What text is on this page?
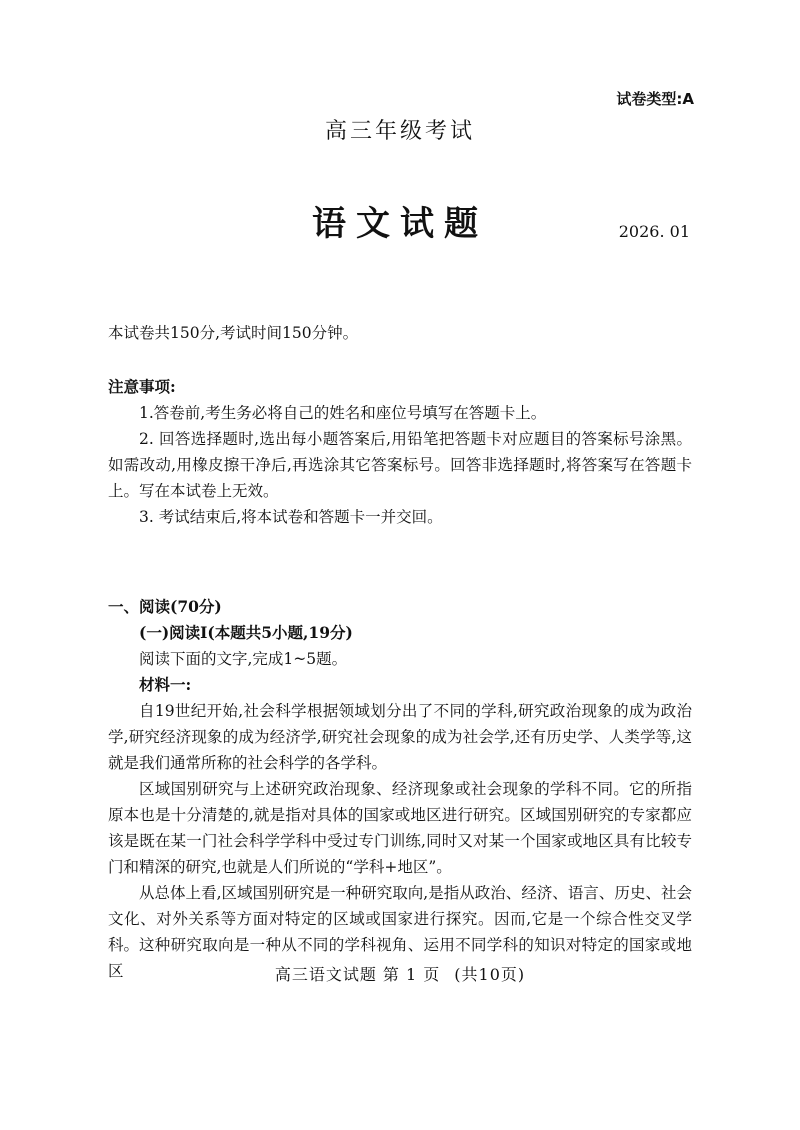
试卷类型:A
高三年级考试
语文试题	2026. 01
本试卷共150分,考试时间150分钟。
注意事项:
1.答卷前,考生务必将自己的姓名和座位号填写在答题卡上。
2. 回答选择题时,选出每小题答案后,用铅笔把答题卡对应题目的答案标号涂黑。如需改动,用橡皮擦干净后,再选涂其它答案标号。回答非选择题时,将答案写在答题卡上。写在本试卷上无效。
3. 考试结束后,将本试卷和答题卡一并交回。
一、阅读(70分)
(一)阅读Ⅰ(本题共5小题,19分)
阅读下面的文字,完成1~5题。
材料一:
自19世纪开始,社会科学根据领域划分出了不同的学科,研究政治现象的成为政治学,研究经济现象的成为经济学,研究社会现象的成为社会学,还有历史学、人类学等,这就是我们通常所称的社会科学的各学科。
区域国别研究与上述研究政治现象、经济现象或社会现象的学科不同。它的所指原本也是十分清楚的,就是指对具体的国家或地区进行研究。区域国别研究的专家都应该是既在某一门社会科学学科中受过专门训练,同时又对某一个国家或地区具有比较专门和精深的研究,也就是人们所说的“学科+地区”。
从总体上看,区域国别研究是一种研究取向,是指从政治、经济、语言、历史、社会文化、对外关系等方面对特定的区域或国家进行探究。因而,它是一个综合性交叉学科。 这种研究取向是一种从不同的学科视角、运用不同学科的知识对特定的国家或地区	高三语文试题 第 1 页 (共10页)
